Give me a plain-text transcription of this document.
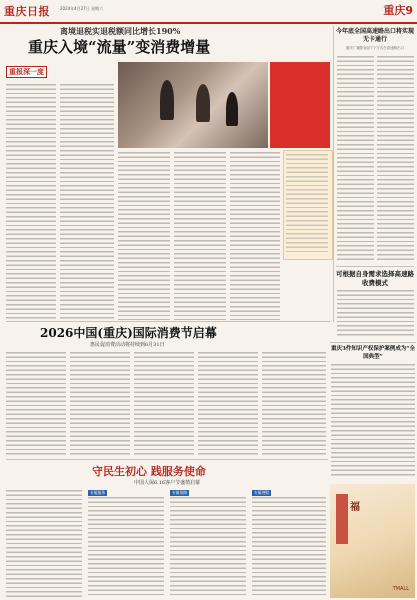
重庆日报	2024年4月27日 星期六	重庆9
离境退税实退税额同比增长190%
重庆入境“流量”变消费增量
重报深一度
今年底全国高速路出口将实现无卡通行
重庆广播影视站7个方式在高速路出口
可根据自身需求选择高速路收费模式
2026中国(重庆)国际消费节启幕
惠民促消费活动将持续到6月31日
重庆3件知识产权保护案例成为“全国典型”
守民生初心 践服务使命
中国人保6.16客户节盛情启幕
专属服务	专属保障	专属理赔
福
TMALL
